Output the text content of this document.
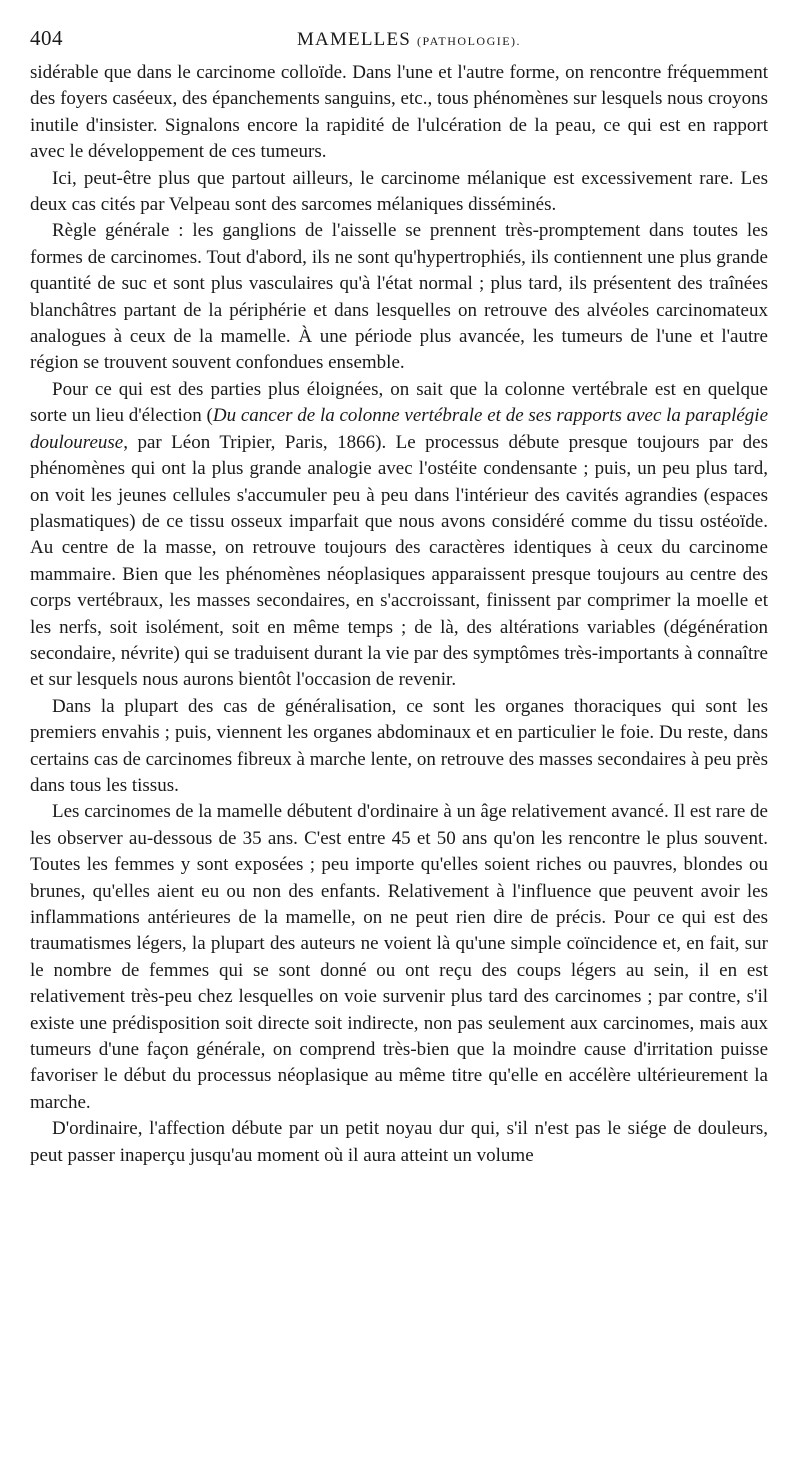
404	MAMELLES (PATHOLOGIE).

sidérable que dans le carcinome colloïde. Dans l'une et l'autre forme, on rencontre fréquemment des foyers caséeux, des épanchements sanguins, etc., tous phénomènes sur lesquels nous croyons inutile d'insister. Signalons encore la rapidité de l'ulcération de la peau, ce qui est en rapport avec le développement de ces tumeurs.

Ici, peut-être plus que partout ailleurs, le carcinome mélanique est excessivement rare. Les deux cas cités par Velpeau sont des sarcomes mélaniques disséminés.

Règle générale : les ganglions de l'aisselle se prennent très-promptement dans toutes les formes de carcinomes. Tout d'abord, ils ne sont qu'hypertrophiés, ils contiennent une plus grande quantité de suc et sont plus vasculaires qu'à l'état normal ; plus tard, ils présentent des traînées blanchâtres partant de la périphérie et dans lesquelles on retrouve des alvéoles carcinomateux analogues à ceux de la mamelle. À une période plus avancée, les tumeurs de l'une et l'autre région se trouvent souvent confondues ensemble.

Pour ce qui est des parties plus éloignées, on sait que la colonne vertébrale est en quelque sorte un lieu d'élection (Du cancer de la colonne vertébrale et de ses rapports avec la paraplégie douloureuse, par Léon Tripier, Paris, 1866). Le processus débute presque toujours par des phénomènes qui ont la plus grande analogie avec l'ostéite condensante ; puis, un peu plus tard, on voit les jeunes cellules s'accumuler peu à peu dans l'intérieur des cavités agrandies (espaces plasmatiques) de ce tissu osseux imparfait que nous avons considéré comme du tissu ostéoïde. Au centre de la masse, on retrouve toujours des caractères identiques à ceux du carcinome mammaire. Bien que les phénomènes néoplasiques apparaissent presque toujours au centre des corps vertébraux, les masses secondaires, en s'accroissant, finissent par comprimer la moelle et les nerfs, soit isolément, soit en même temps ; de là, des altérations variables (dégénération secondaire, névrite) qui se traduisent durant la vie par des symptômes très-importants à connaître et sur lesquels nous aurons bientôt l'occasion de revenir.

Dans la plupart des cas de généralisation, ce sont les organes thoraciques qui sont les premiers envahis ; puis, viennent les organes abdominaux et en particulier le foie. Du reste, dans certains cas de carcinomes fibreux à marche lente, on retrouve des masses secondaires à peu près dans tous les tissus.

Les carcinomes de la mamelle débutent d'ordinaire à un âge relativement avancé. Il est rare de les observer au-dessous de 35 ans. C'est entre 45 et 50 ans qu'on les rencontre le plus souvent. Toutes les femmes y sont exposées ; peu importe qu'elles soient riches ou pauvres, blondes ou brunes, qu'elles aient eu ou non des enfants. Relativement à l'influence que peuvent avoir les inflammations antérieures de la mamelle, on ne peut rien dire de précis. Pour ce qui est des traumatismes légers, la plupart des auteurs ne voient là qu'une simple coïncidence et, en fait, sur le nombre de femmes qui se sont donné ou ont reçu des coups légers au sein, il en est relativement très-peu chez lesquelles on voie survenir plus tard des carcinomes ; par contre, s'il existe une prédisposition soit directe soit indirecte, non pas seulement aux carcinomes, mais aux tumeurs d'une façon générale, on comprend très-bien que la moindre cause d'irritation puisse favoriser le début du processus néoplasique au même titre qu'elle en accélère ultérieurement la marche.

D'ordinaire, l'affection débute par un petit noyau dur qui, s'il n'est pas le siége de douleurs, peut passer inaperçu jusqu'au moment où il aura atteint un volume
